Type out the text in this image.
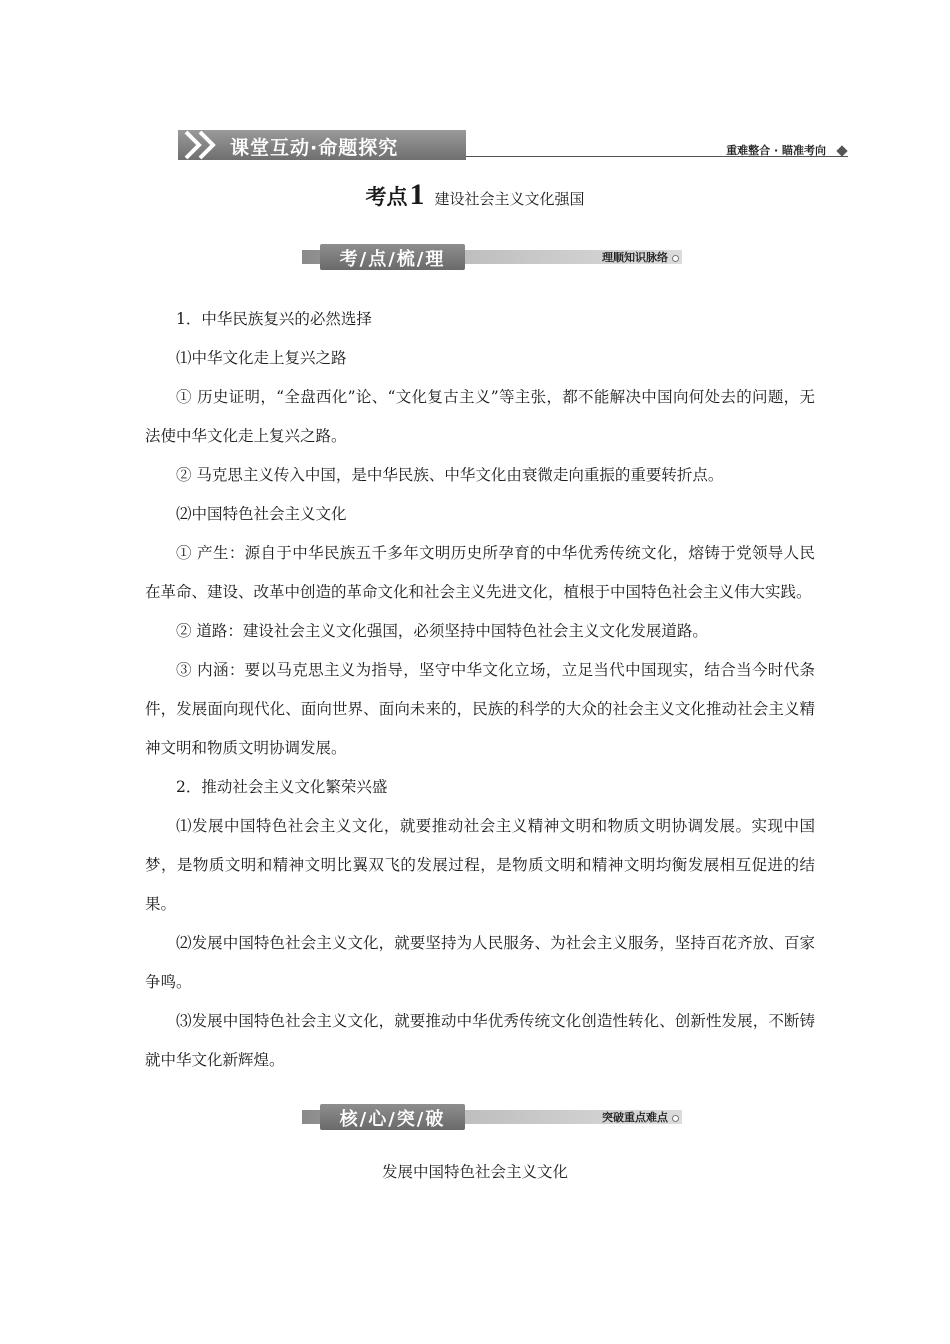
课堂互动·命题探究	重难整合 · 瞄准考向
考点1 建设社会主义文化强国
考/点/梳/理	理顺知识脉络

1．中华民族复兴的必然选择

⑴中华文化走上复兴之路

① 历史证明，“全盘西化”论、“文化复古主义”等主张，都不能解决中国向何处去的问题，无法使中华文化走上复兴之路。

② 马克思主义传入中国，是中华民族、中华文化由衰微走向重振的重要转折点。

⑵中国特色社会主义文化

① 产生：源自于中华民族五千多年文明历史所孕育的中华优秀传统文化，熔铸于党领导人民在革命、建设、改革中创造的革命文化和社会主义先进文化，植根于中国特色社会主义伟大实践。

② 道路：建设社会主义文化强国，必须坚持中国特色社会主义文化发展道路。

③ 内涵：要以马克思主义为指导，坚守中华文化立场，立足当代中国现实，结合当今时代条件，发展面向现代化、面向世界、面向未来的，民族的科学的大众的社会主义文化推动社会主义精神文明和物质文明协调发展。

2．推动社会主义文化繁荣兴盛

⑴发展中国特色社会主义文化，就要推动社会主义精神文明和物质文明协调发展。实现中国梦，是物质文明和精神文明比翼双飞的发展过程，是物质文明和精神文明均衡发展相互促进的结果。

⑵发展中国特色社会主义文化，就要坚持为人民服务、为社会主义服务，坚持百花齐放、百家争鸣。

⑶发展中国特色社会主义文化，就要推动中华优秀传统文化创造性转化、创新性发展，不断铸就中华文化新辉煌。

核/心/突/破	突破重点难点
发展中国特色社会主义文化
